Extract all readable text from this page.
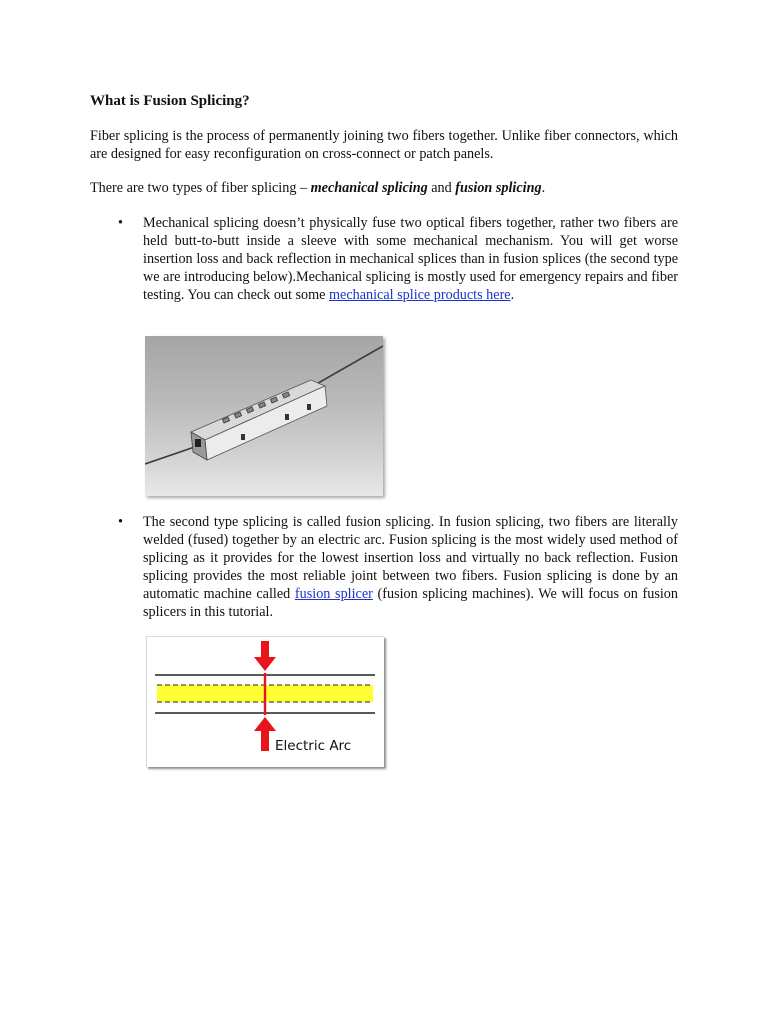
What is Fusion Splicing?

Fiber splicing is the process of permanently joining two fibers together. Unlike fiber connectors, which are designed for easy reconfiguration on cross-connect or patch panels.

There are two types of fiber splicing – mechanical splicing and fusion splicing.

•	Mechanical splicing doesn’t physically fuse two optical fibers together, rather two fibers are held butt-to-butt inside a sleeve with some mechanical mechanism. You will get worse insertion loss and back reflection in mechanical splices than in fusion splices (the second type we are introducing below).Mechanical splicing is mostly used for emergency repairs and fiber testing. You can check out some mechanical splice products here.

•	The second type splicing is called fusion splicing. In fusion splicing, two fibers are literally welded (fused) together by an electric arc. Fusion splicing is the most widely used method of splicing as it provides for the lowest insertion loss and virtually no back reflection. Fusion splicing provides the most reliable joint between two fibers. Fusion splicing is done by an automatic machine called fusion splicer (fusion splicing machines). We will focus on fusion splicers in this tutorial.

Electric Arc
